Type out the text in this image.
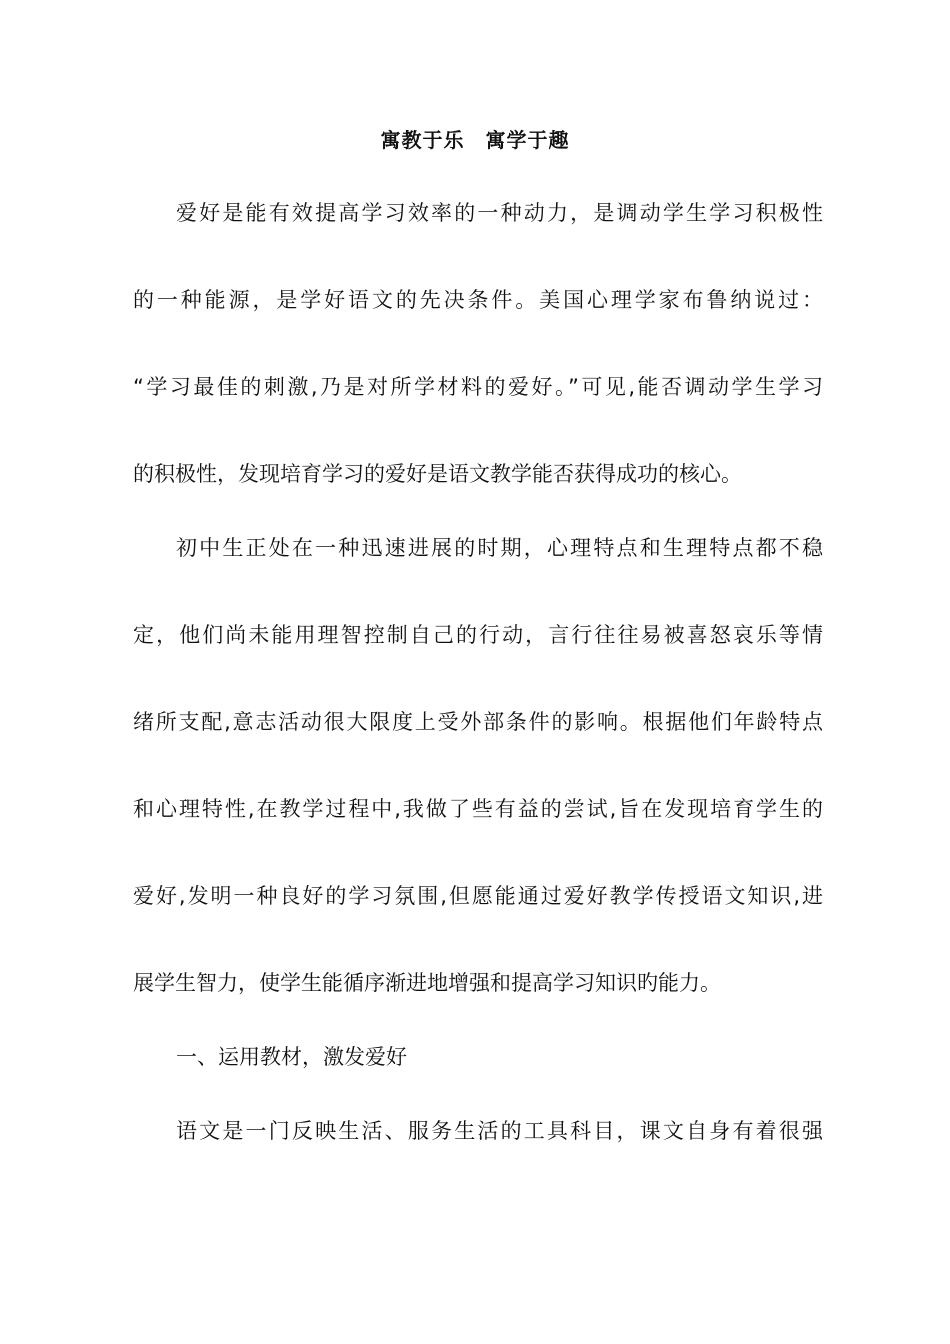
寓教于乐　寓学于趣
爱好是能有效提高学习效率的一种动力，是调动学生学习积极性
的一种能源，是学好语文的先决条件。美国心理学家布鲁纳说过：
“学习最佳的刺激,乃是对所学材料的爱好。”可见,能否调动学生学习
的积极性，发现培育学习的爱好是语文教学能否获得成功的核心。
初中生正处在一种迅速进展的时期，心理特点和生理特点都不稳
定，他们尚未能用理智控制自己的行动，言行往往易被喜怒哀乐等情
绪所支配,意志活动很大限度上受外部条件的影响。根据他们年龄特点
和心理特性,在教学过程中,我做了些有益的尝试,旨在发现培育学生的
爱好,发明一种良好的学习氛围,但愿能通过爱好教学传授语文知识,进
展学生智力，使学生能循序渐进地增强和提高学习知识旳能力。
一、运用教材，激发爱好
语文是一门反映生活、服务生活的工具科目，课文自身有着很强
